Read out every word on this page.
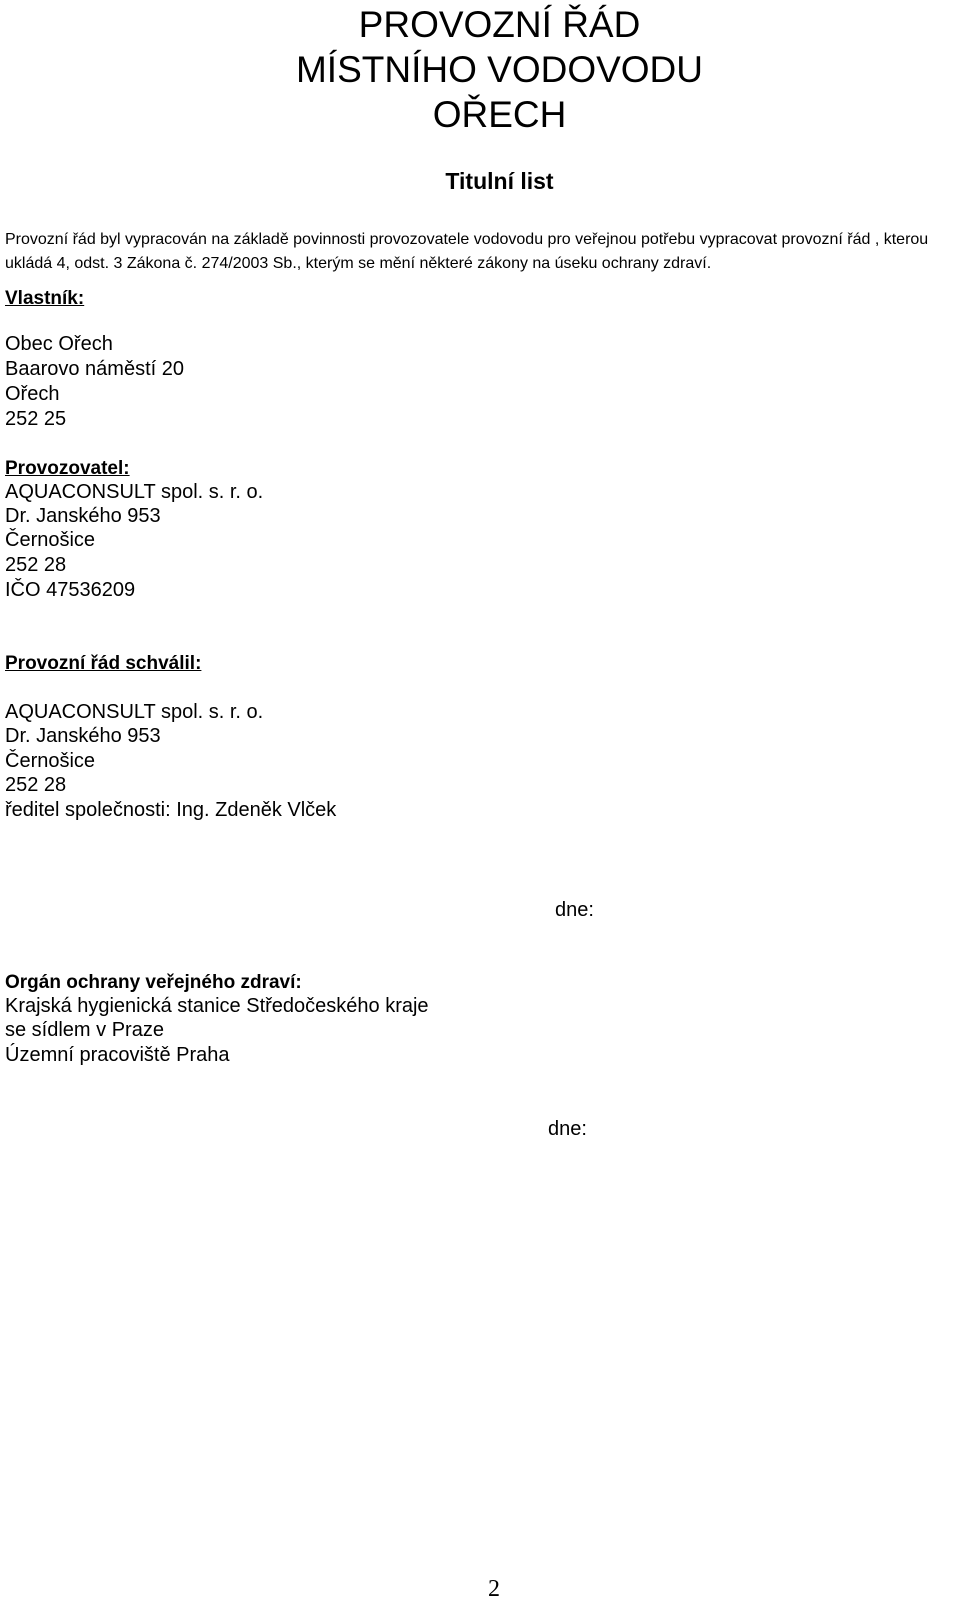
PROVOZNÍ ŘÁD
MÍSTNÍHO VODOVODU
OŘECH
Titulní list
Provozní řád byl vypracován na základě povinnosti provozovatele vodovodu pro veřejnou potřebu vypracovat provozní řád , kterou ukládá 4, odst. 3 Zákona č. 274/2003 Sb., kterým se mění některé zákony na úseku ochrany zdraví.
Vlastník:
Obec Ořech
Baarovo náměstí 20
Ořech
252 25
Provozovatel:
AQUACONSULT spol. s. r. o.
Dr. Janského 953
Černošice
252 28
IČO 47536209
Provozní řád schválil:
AQUACONSULT spol. s. r. o.
Dr. Janského 953
Černošice
252 28
ředitel společnosti: Ing. Zdeněk Vlček
dne:
Orgán ochrany veřejného zdraví:
Krajská hygienická stanice Středočeského kraje
se sídlem v Praze
Územní pracoviště Praha
dne:
2
